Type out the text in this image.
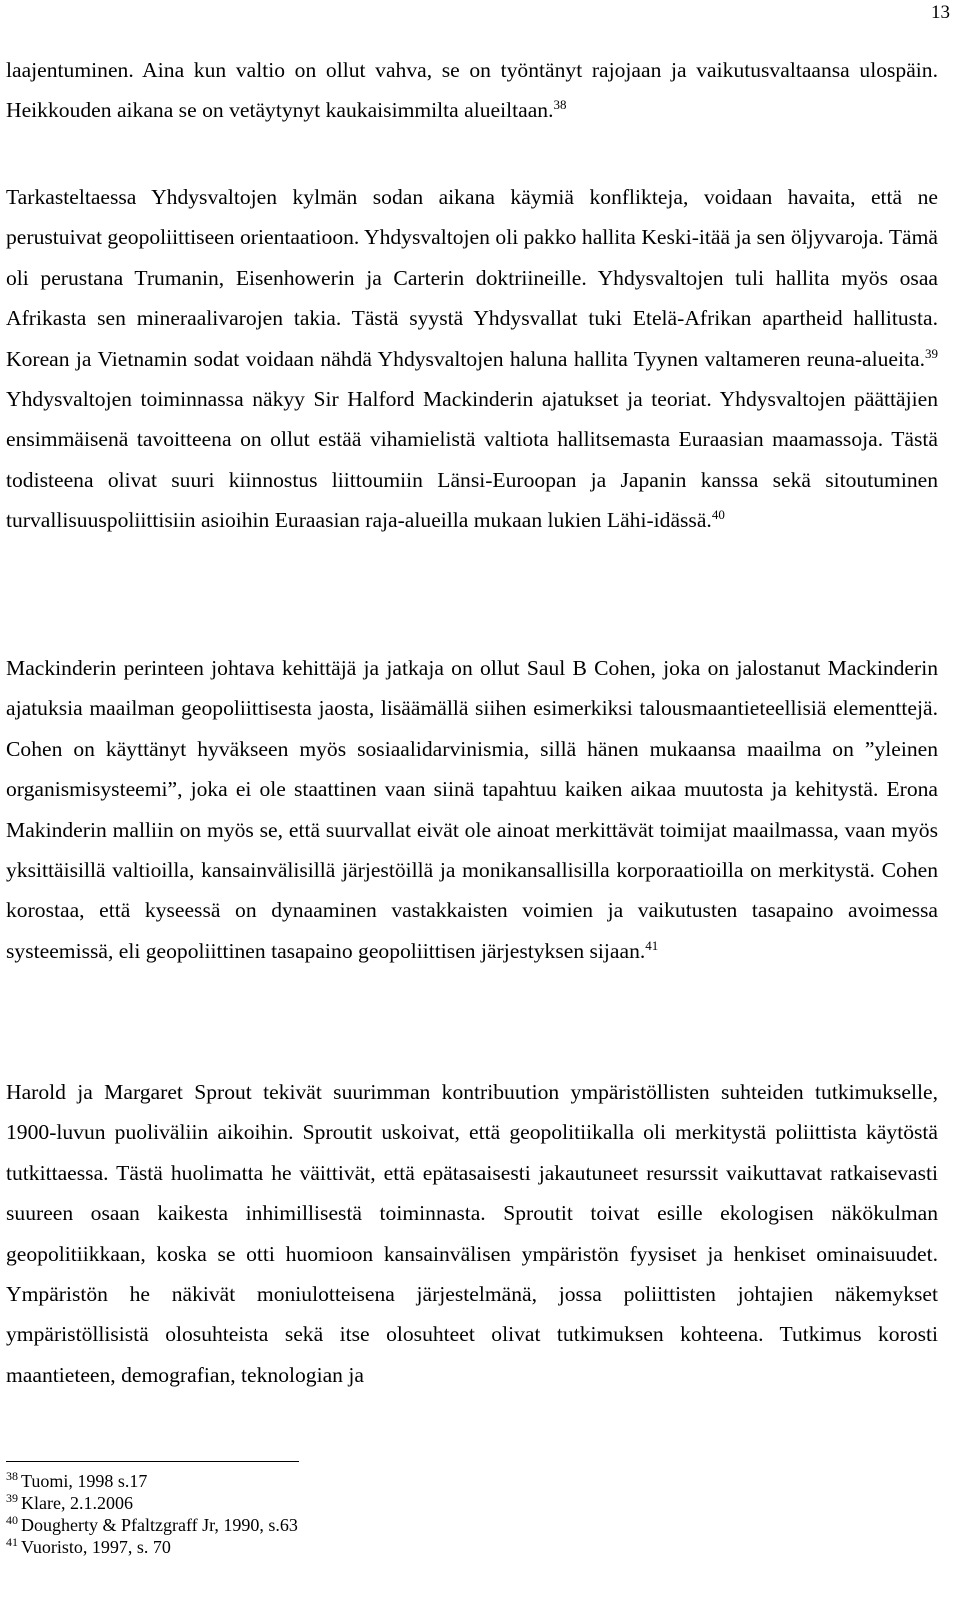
13

laajentuminen. Aina kun valtio on ollut vahva, se on työntänyt rajojaan ja vaikutusvaltaansa ulospäin. Heikkouden aikana se on vetäytynyt kaukaisimmilta alueiltaan.$^{38}$

Tarkasteltaessa Yhdysvaltojen kylmän sodan aikana käymiä konflikteja, voidaan havaita, että ne perustuivat geopoliittiseen orientaatioon. Yhdysvaltojen oli pakko hallita Keski-itää ja sen öljyvaroja. Tämä oli perustana Trumanin, Eisenhowerin ja Carterin doktriineille. Yhdysvaltojen tuli hallita myös osaa Afrikasta sen mineraalivarojen takia. Tästä syystä Yhdysvallat tuki Etelä-Afrikan apartheid hallitusta. Korean ja Vietnamin sodat voidaan nähdä Yhdysvaltojen haluna hallita Tyynen valtameren reuna-alueita.$^{39}$ Yhdysvaltojen toiminnassa näkyy Sir Halford Mackinderin ajatukset ja teoriat. Yhdysvaltojen päättäjien ensimmäisenä tavoitteena on ollut estää vihamielistä valtiota hallitsemasta Euraasian maamassoja. Tästä todisteena olivat suuri kiinnostus liittoumiin Länsi-Euroopan ja Japanin kanssa sekä sitoutuminen turvallisuuspoliittisiin asioihin Euraasian raja-alueilla mukaan lukien Lähi-idässä.$^{40}$

Mackinderin perinteen johtava kehittäjä ja jatkaja on ollut Saul B Cohen, joka on jalostanut Mackinderin ajatuksia maailman geopoliittisesta jaosta, lisäämällä siihen esimerkiksi talousmaantieteellisiä elementtejä. Cohen on käyttänyt hyväkseen myös sosiaalidarvinismia, sillä hänen mukaansa maailma on ”yleinen organismisysteemi”, joka ei ole staattinen vaan siinä tapahtuu kaiken aikaa muutosta ja kehitystä. Erona Makinderin malliin on myös se, että suurvallat eivät ole ainoat merkittävät toimijat maailmassa, vaan myös yksittäisillä valtioilla, kansainvälisillä järjestöillä ja monikansallisilla korporaatioilla on merkitystä. Cohen korostaa, että kyseessä on dynaaminen vastakkaisten voimien ja vaikutusten tasapaino avoimessa systeemissä, eli geopoliittinen tasapaino geopoliittisen järjestyksen sijaan.$^{41}$

Harold ja Margaret Sprout tekivät suurimman kontribuution ympäristöllisten suhteiden tutkimukselle, 1900-luvun puoliväliin aikoihin. Sproutit uskoivat, että geopolitiikalla oli merkitystä poliittista käytöstä tutkittaessa. Tästä huolimatta he väittivät, että epätasaisesti jakautuneet resurssit vaikuttavat ratkaisevasti suureen osaan kaikesta inhimillisestä toiminnasta. Sproutit toivat esille ekologisen näkökulman geopolitiikkaan, koska se otti huomioon kansainvälisen ympäristön fyysiset ja henkiset ominaisuudet. Ympäristön he näkivät moniulotteisena järjestelmänä, jossa poliittisten johtajien näkemykset ympäristöllisistä olosuhteista sekä itse olosuhteet olivat tutkimuksen kohteena. Tutkimus korosti maantieteen, demografian, teknologian ja

$^{38}$ Tuomi, 1998 s.17
$^{39}$ Klare, 2.1.2006
$^{40}$ Dougherty & Pfaltzgraff Jr, 1990, s.63
$^{41}$ Vuoristo, 1997, s. 70
